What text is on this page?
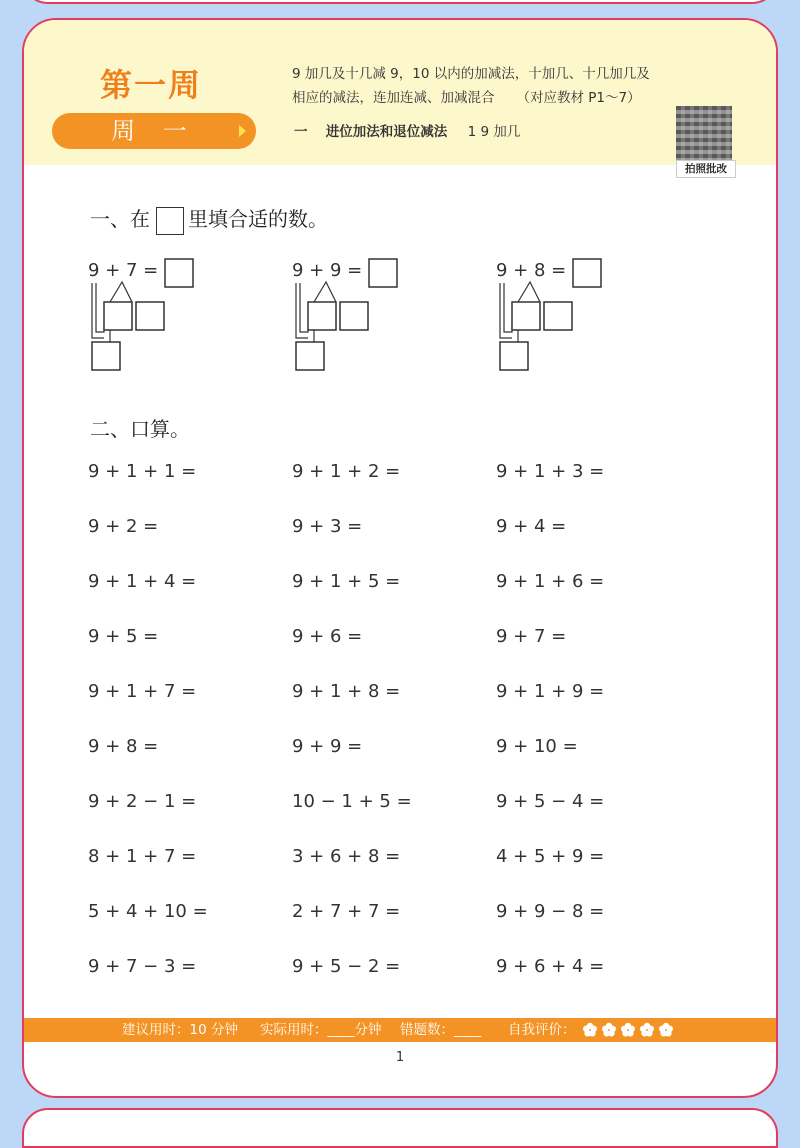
第一周
周 一
9 加几及十几减 9，10 以内的加减法，十加几、十几加几及
相应的减法，连加连减、加减混合 （对应教材 P1～7）
一 进位加法和退位减法 1 9 加几
拍照批改
一、在 里填合适的数。
9 + 7 =	9 + 9 =	9 + 8 =
二、口算。
9 + 1 + 1 =	9 + 1 + 2 =	9 + 1 + 3 =
9 + 2 =	9 + 3 =	9 + 4 =
9 + 1 + 4 =	9 + 1 + 5 =	9 + 1 + 6 =
9 + 5 =	9 + 6 =	9 + 7 =
9 + 1 + 7 =	9 + 1 + 8 =	9 + 1 + 9 =
9 + 8 =	9 + 9 =	9 + 10 =
9 + 2 − 1 =	10 − 1 + 5 =	9 + 5 − 4 =
8 + 1 + 7 =	3 + 6 + 8 =	4 + 5 + 9 =
5 + 4 + 10 =	2 + 7 + 7 =	9 + 9 − 8 =
9 + 7 − 3 =	9 + 5 − 2 =	9 + 6 + 4 =
建议用时：10 分钟 实际用时：____分钟 错题数：____ 自我评价：
1
